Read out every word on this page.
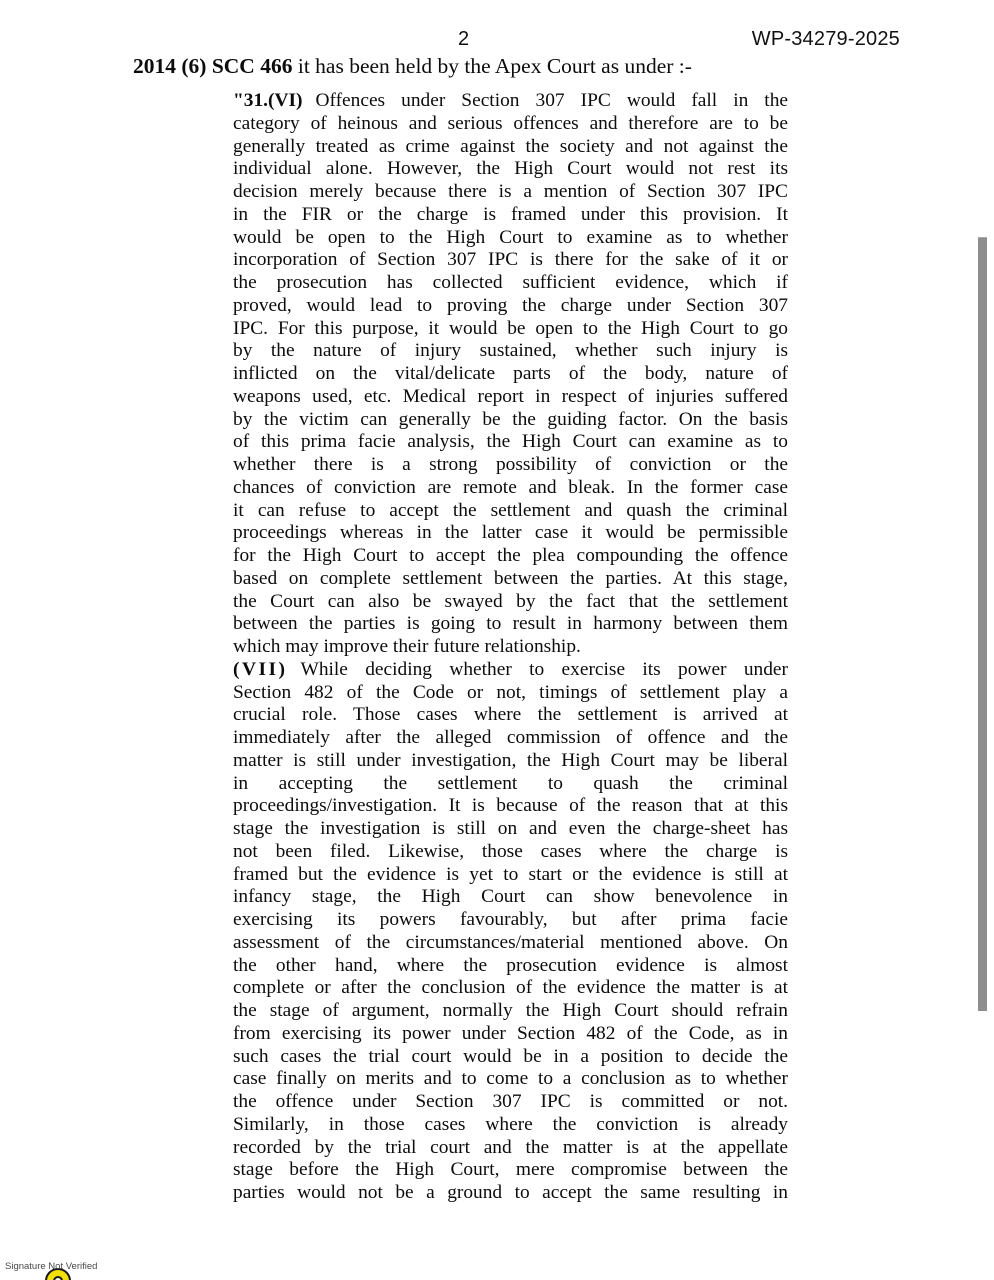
2	WP-34279-2025

2014 (6) SCC 466 it has been held by the Apex Court as under :-

"31.(VI) Offences under Section 307 IPC would fall in the
category of heinous and serious offences and therefore are to be
generally treated as crime against the society and not against the
individual alone. However, the High Court would not rest its
decision merely because there is a mention of Section 307 IPC
in the FIR or the charge is framed under this provision. It
would be open to the High Court to examine as to whether
incorporation of Section 307 IPC is there for the sake of it or
the prosecution has collected sufficient evidence, which if
proved, would lead to proving the charge under Section 307
IPC. For this purpose, it would be open to the High Court to go
by the nature of injury sustained, whether such injury is
inflicted on the vital/delicate parts of the body, nature of
weapons used, etc. Medical report in respect of injuries suffered
by the victim can generally be the guiding factor. On the basis
of this prima facie analysis, the High Court can examine as to
whether there is a strong possibility of conviction or the
chances of conviction are remote and bleak. In the former case
it can refuse to accept the settlement and quash the criminal
proceedings whereas in the latter case it would be permissible
for the High Court to accept the plea compounding the offence
based on complete settlement between the parties. At this stage,
the Court can also be swayed by the fact that the settlement
between the parties is going to result in harmony between them
which may improve their future relationship.
(VII) While deciding whether to exercise its power under
Section 482 of the Code or not, timings of settlement play a
crucial role. Those cases where the settlement is arrived at
immediately after the alleged commission of offence and the
matter is still under investigation, the High Court may be liberal
in accepting the settlement to quash the criminal
proceedings/investigation. It is because of the reason that at this
stage the investigation is still on and even the charge-sheet has
not been filed. Likewise, those cases where the charge is
framed but the evidence is yet to start or the evidence is still at
infancy stage, the High Court can show benevolence in
exercising its powers favourably, but after prima facie
assessment of the circumstances/material mentioned above. On
the other hand, where the prosecution evidence is almost
complete or after the conclusion of the evidence the matter is at
the stage of argument, normally the High Court should refrain
from exercising its power under Section 482 of the Code, as in
such cases the trial court would be in a position to decide the
case finally on merits and to come to a conclusion as to whether
the offence under Section 307 IPC is committed or not.
Similarly, in those cases where the conviction is already
recorded by the trial court and the matter is at the appellate
stage before the High Court, mere compromise between the
parties would not be a ground to accept the same resulting in
Signature Not Verified
